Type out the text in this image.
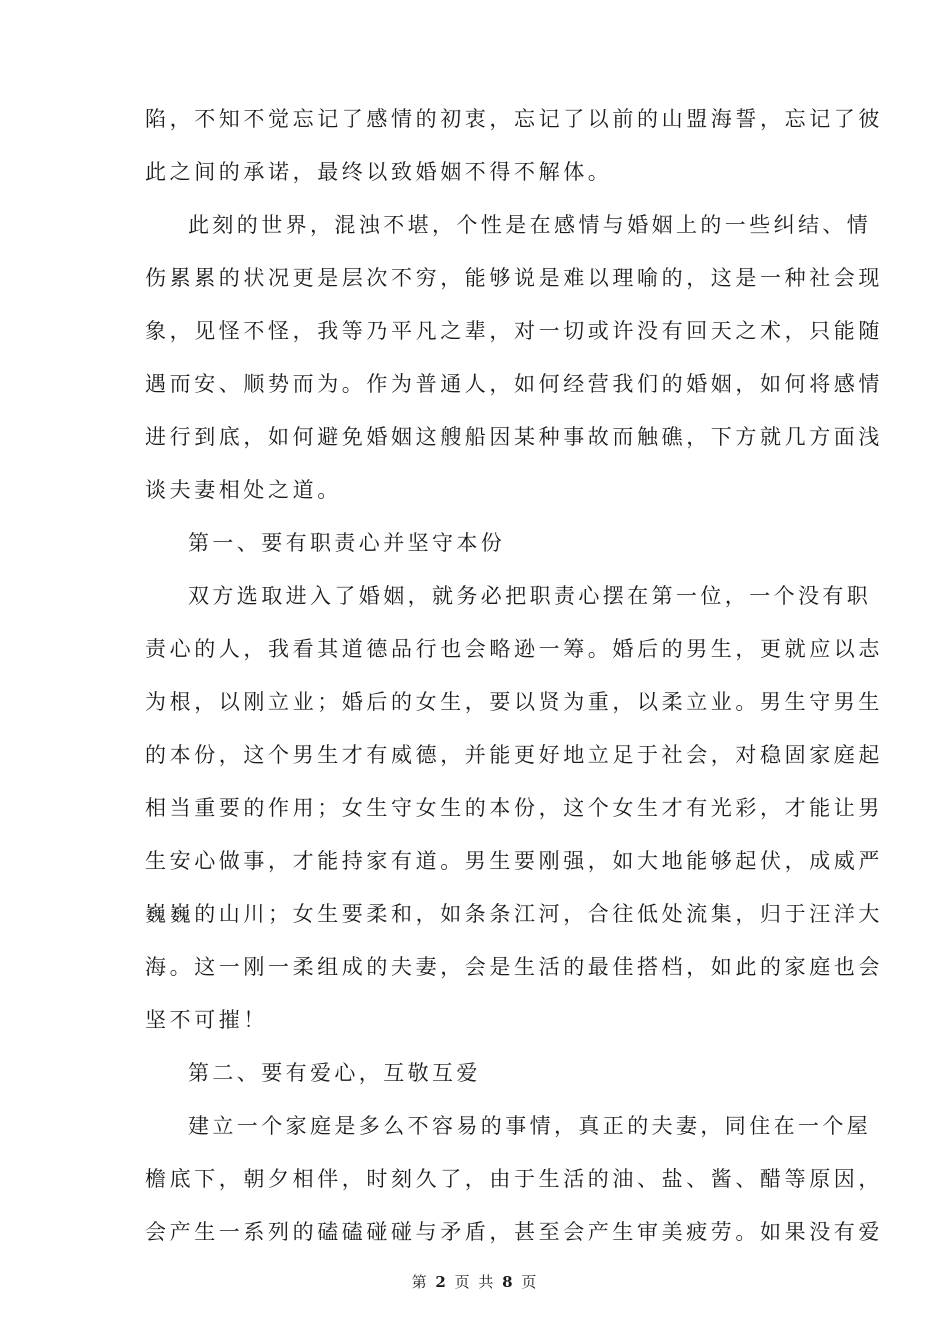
陷，不知不觉忘记了感情的初衷，忘记了以前的山盟海誓，忘记了彼
此之间的承诺，最终以致婚姻不得不解体。
此刻的世界，混浊不堪，个性是在感情与婚姻上的一些纠结、情
伤累累的状况更是层次不穷，能够说是难以理喻的，这是一种社会现
象，见怪不怪，我等乃平凡之辈，对一切或许没有回天之术，只能随
遇而安、顺势而为。作为普通人，如何经营我们的婚姻，如何将感情
进行到底，如何避免婚姻这艘船因某种事故而触礁，下方就几方面浅
谈夫妻相处之道。
第一、要有职责心并坚守本份
双方选取进入了婚姻，就务必把职责心摆在第一位，一个没有职
责心的人，我看其道德品行也会略逊一筹。婚后的男生，更就应以志
为根，以刚立业；婚后的女生，要以贤为重，以柔立业。男生守男生
的本份，这个男生才有威德，并能更好地立足于社会，对稳固家庭起
相当重要的作用；女生守女生的本份，这个女生才有光彩，才能让男
生安心做事，才能持家有道。男生要刚强，如大地能够起伏，成威严
巍巍的山川；女生要柔和，如条条江河，合往低处流集，归于汪洋大
海。这一刚一柔组成的夫妻，会是生活的最佳搭档，如此的家庭也会
坚不可摧！
第二、要有爱心，互敬互爱
建立一个家庭是多么不容易的事情，真正的夫妻，同住在一个屋
檐底下，朝夕相伴，时刻久了，由于生活的油、盐、酱、醋等原因，
会产生一系列的磕磕碰碰与矛盾，甚至会产生审美疲劳。如果没有爱
第 2 页 共 8 页
